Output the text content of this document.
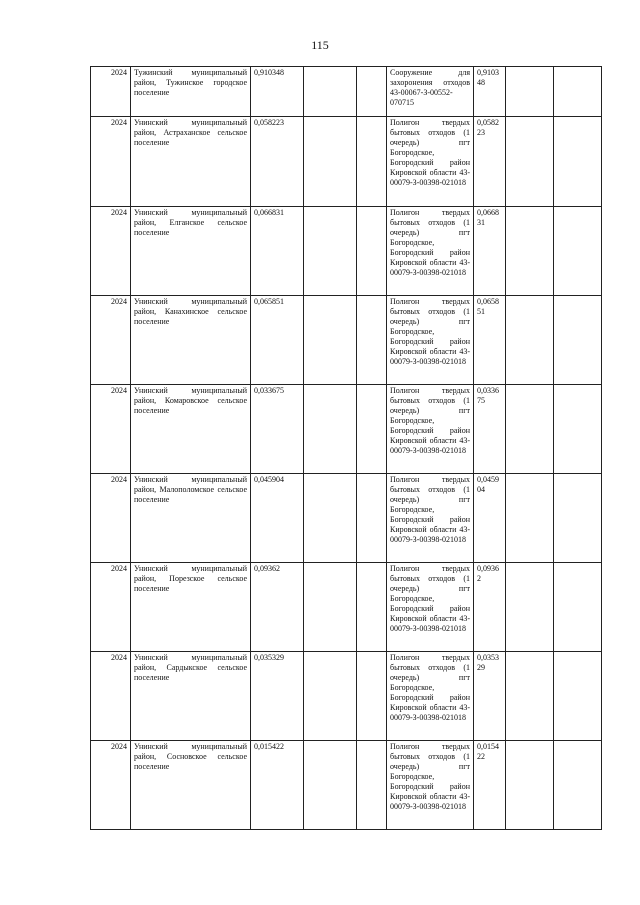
115
2024	Тужинский муниципальный район, Тужинское городское поселение	0,910348			Сооружение для захоронения отходов 43-00067-З-00552-070715	0,910348		
2024	Унинский муниципальный район, Астраханское сельское поселение	0,058223			Полигон твердых бытовых отходов (1 очередь) пгт Богородское, Богородский район Кировской области 43-00079-З-00398-021018	0,058223		
2024	Унинский муниципальный район, Елганское сельское поселение	0,066831			Полигон твердых бытовых отходов (1 очередь) пгт Богородское, Богородский район Кировской области 43-00079-З-00398-021018	0,066831		
2024	Унинский муниципальный район, Канахинское сельское поселение	0,065851			Полигон твердых бытовых отходов (1 очередь) пгт Богородское, Богородский район Кировской области 43-00079-З-00398-021018	0,065851		
2024	Унинский муниципальный район, Комаровское сельское поселение	0,033675			Полигон твердых бытовых отходов (1 очередь) пгт Богородское, Богородский район Кировской области 43-00079-З-00398-021018	0,033675		
2024	Унинский муниципальный район, Малополомское сельское поселение	0,045904			Полигон твердых бытовых отходов (1 очередь) пгт Богородское, Богородский район Кировской области 43-00079-З-00398-021018	0,045904		
2024	Унинский муниципальный район, Порезское сельское поселение	0,09362			Полигон твердых бытовых отходов (1 очередь) пгт Богородское, Богородский район Кировской области 43-00079-З-00398-021018	0,09362		
2024	Унинский муниципальный район, Сардыкское сельское поселение	0,035329			Полигон твердых бытовых отходов (1 очередь) пгт Богородское, Богородский район Кировской области 43-00079-З-00398-021018	0,035329		
2024	Унинский муниципальный район, Сосновское сельское поселение	0,015422			Полигон твердых бытовых отходов (1 очередь) пгт Богородское, Богородский район Кировской области 43-00079-З-00398-021018	0,015422		
